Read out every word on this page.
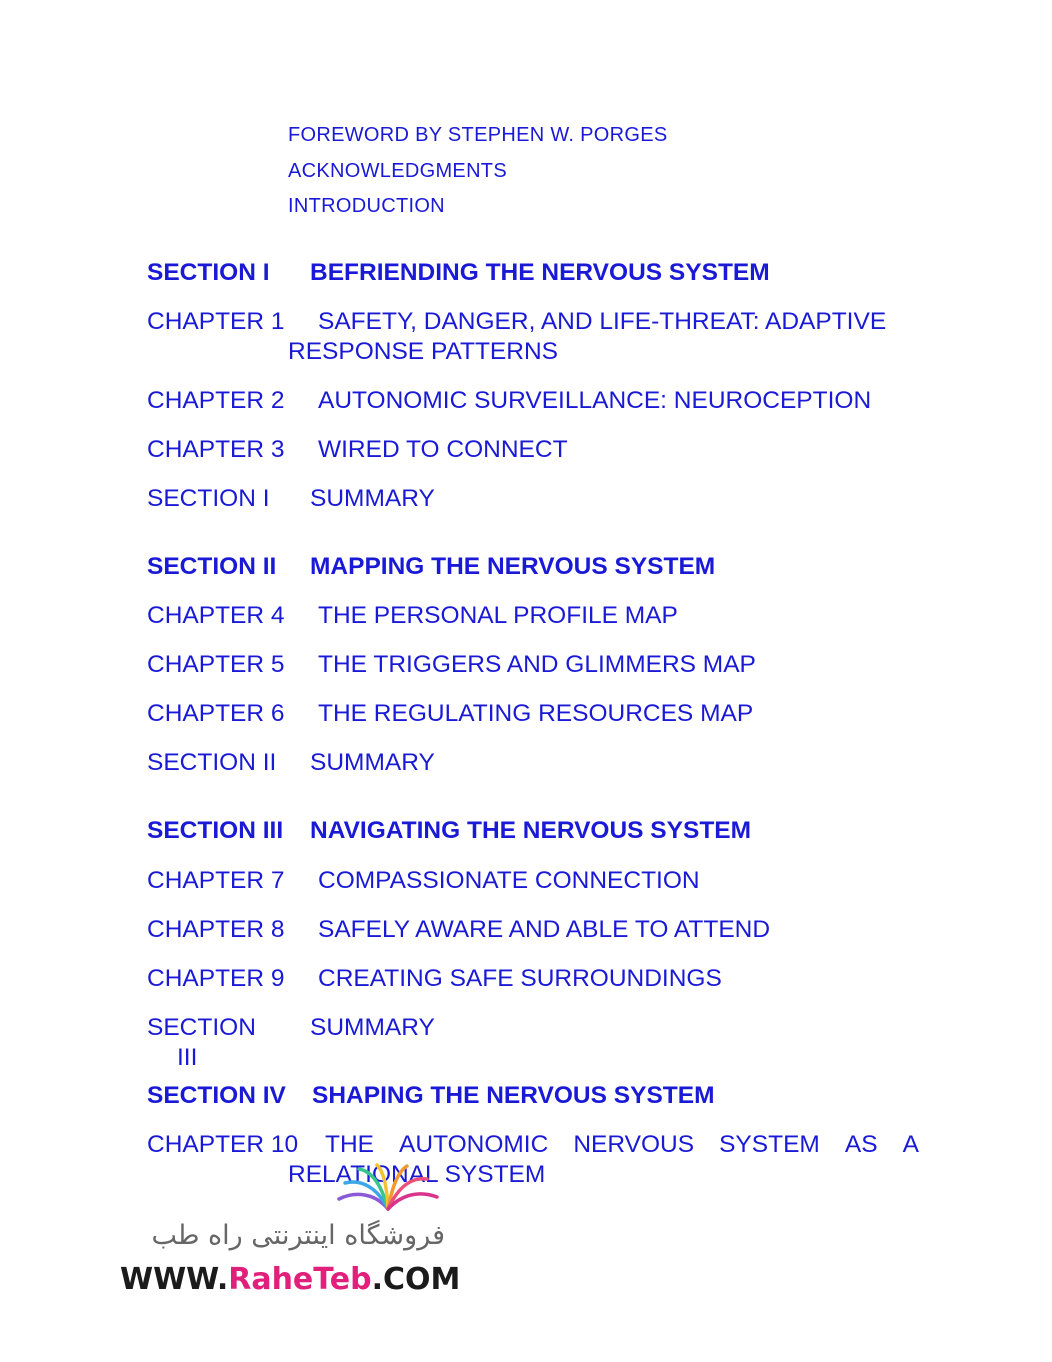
FOREWORD BY STEPHEN W. PORGES
ACKNOWLEDGMENTS
INTRODUCTION
SECTION I BEFRIENDING THE NERVOUS SYSTEM
CHAPTER 1 SAFETY, DANGER, AND LIFE-THREAT: ADAPTIVE
RESPONSE PATTERNS
CHAPTER 2 AUTONOMIC SURVEILLANCE: NEUROCEPTION
CHAPTER 3 WIRED TO CONNECT
SECTION I SUMMARY
SECTION II MAPPING THE NERVOUS SYSTEM
CHAPTER 4 THE PERSONAL PROFILE MAP
CHAPTER 5 THE TRIGGERS AND GLIMMERS MAP
CHAPTER 6 THE REGULATING RESOURCES MAP
SECTION II SUMMARY
SECTION III NAVIGATING THE NERVOUS SYSTEM
CHAPTER 7 COMPASSIONATE CONNECTION
CHAPTER 8 SAFELY AWARE AND ABLE TO ATTEND
CHAPTER 9 CREATING SAFE SURROUNDINGS
SECTION
III
SUMMARY
SECTION IV SHAPING THE NERVOUS SYSTEM
CHAPTER 10 THE AUTONOMIC NERVOUS SYSTEM AS A
RELATIONAL SYSTEM
فروشگاه اینترنتی راه طب
WWW.RaheTeb.COM
